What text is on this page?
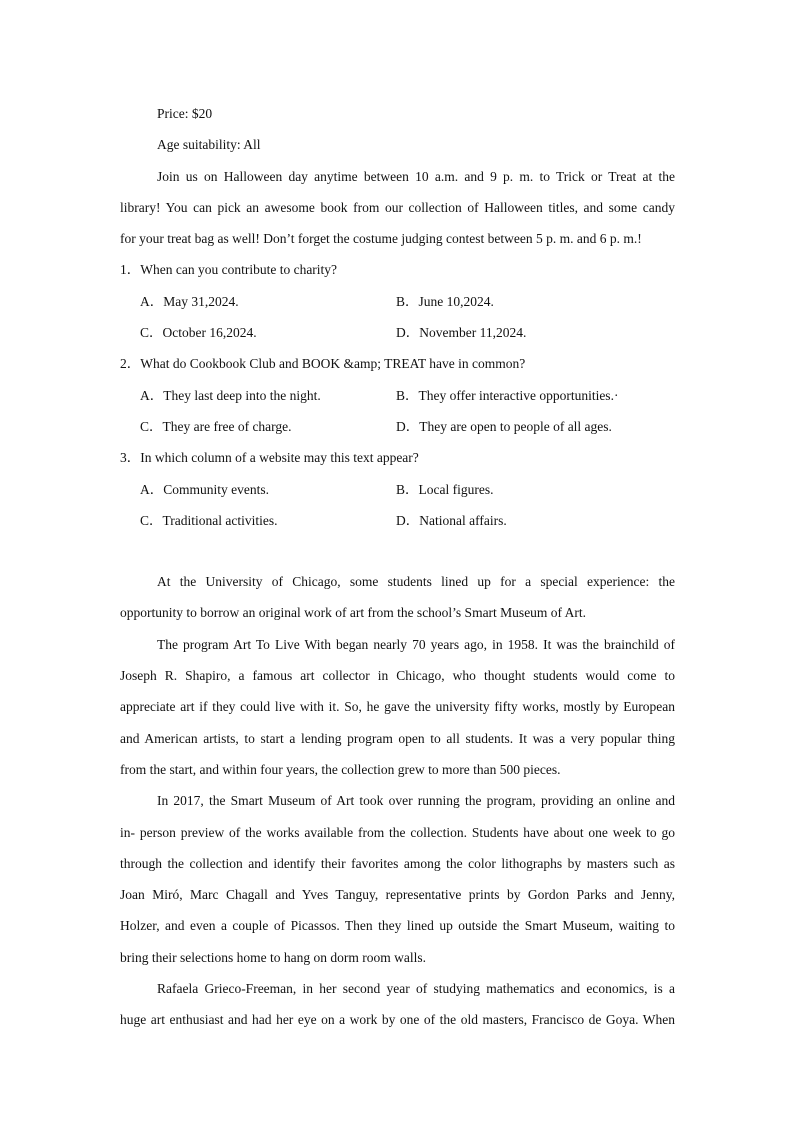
Price: $20
Age suitability: All
Join us on Halloween day anytime between 10 a.m. and 9 p. m. to Trick or Treat at the
library! You can pick an awesome book from our collection of Halloween titles, and some candy
for your treat bag as well! Don’t forget the costume judging contest between 5 p. m. and 6 p. m.!
1．When can you contribute to charity?
A．May 31,2024.	B．June 10,2024.
C．October 16,2024.	D．November 11,2024.
2．What do Cookbook Club and BOOK &amp; TREAT have in common?
A．They last deep into the night.	B．They offer interactive opportunities.·
C．They are free of charge.	D．They are open to people of all ages.
3．In which column of a website may this text appear?
A．Community events.	B．Local figures.
C．Traditional activities.	D．National affairs.
At the University of Chicago, some students lined up for a special experience: the
opportunity to borrow an original work of art from the school’s Smart Museum of Art.
The program Art To Live With began nearly 70 years ago, in 1958. It was the brainchild of
Joseph R. Shapiro, a famous art collector in Chicago, who thought students would come to
appreciate art if they could live with it. So, he gave the university fifty works, mostly by European
and American artists, to start a lending program open to all students. It was a very popular thing
from the start, and within four years, the collection grew to more than 500 pieces.
In 2017, the Smart Museum of Art took over running the program, providing an online and
in- person preview of the works available from the collection. Students have about one week to go
through the collection and identify their favorites among the color lithographs by masters such as
Joan Miró, Marc Chagall and Yves Tanguy, representative prints by Gordon Parks and Jenny,
Holzer, and even a couple of Picassos. Then they lined up outside the Smart Museum, waiting to
bring their selections home to hang on dorm room walls.
Rafaela Grieco-Freeman, in her second year of studying mathematics and economics, is a
huge art enthusiast and had her eye on a work by one of the old masters, Francisco de Goya. When
